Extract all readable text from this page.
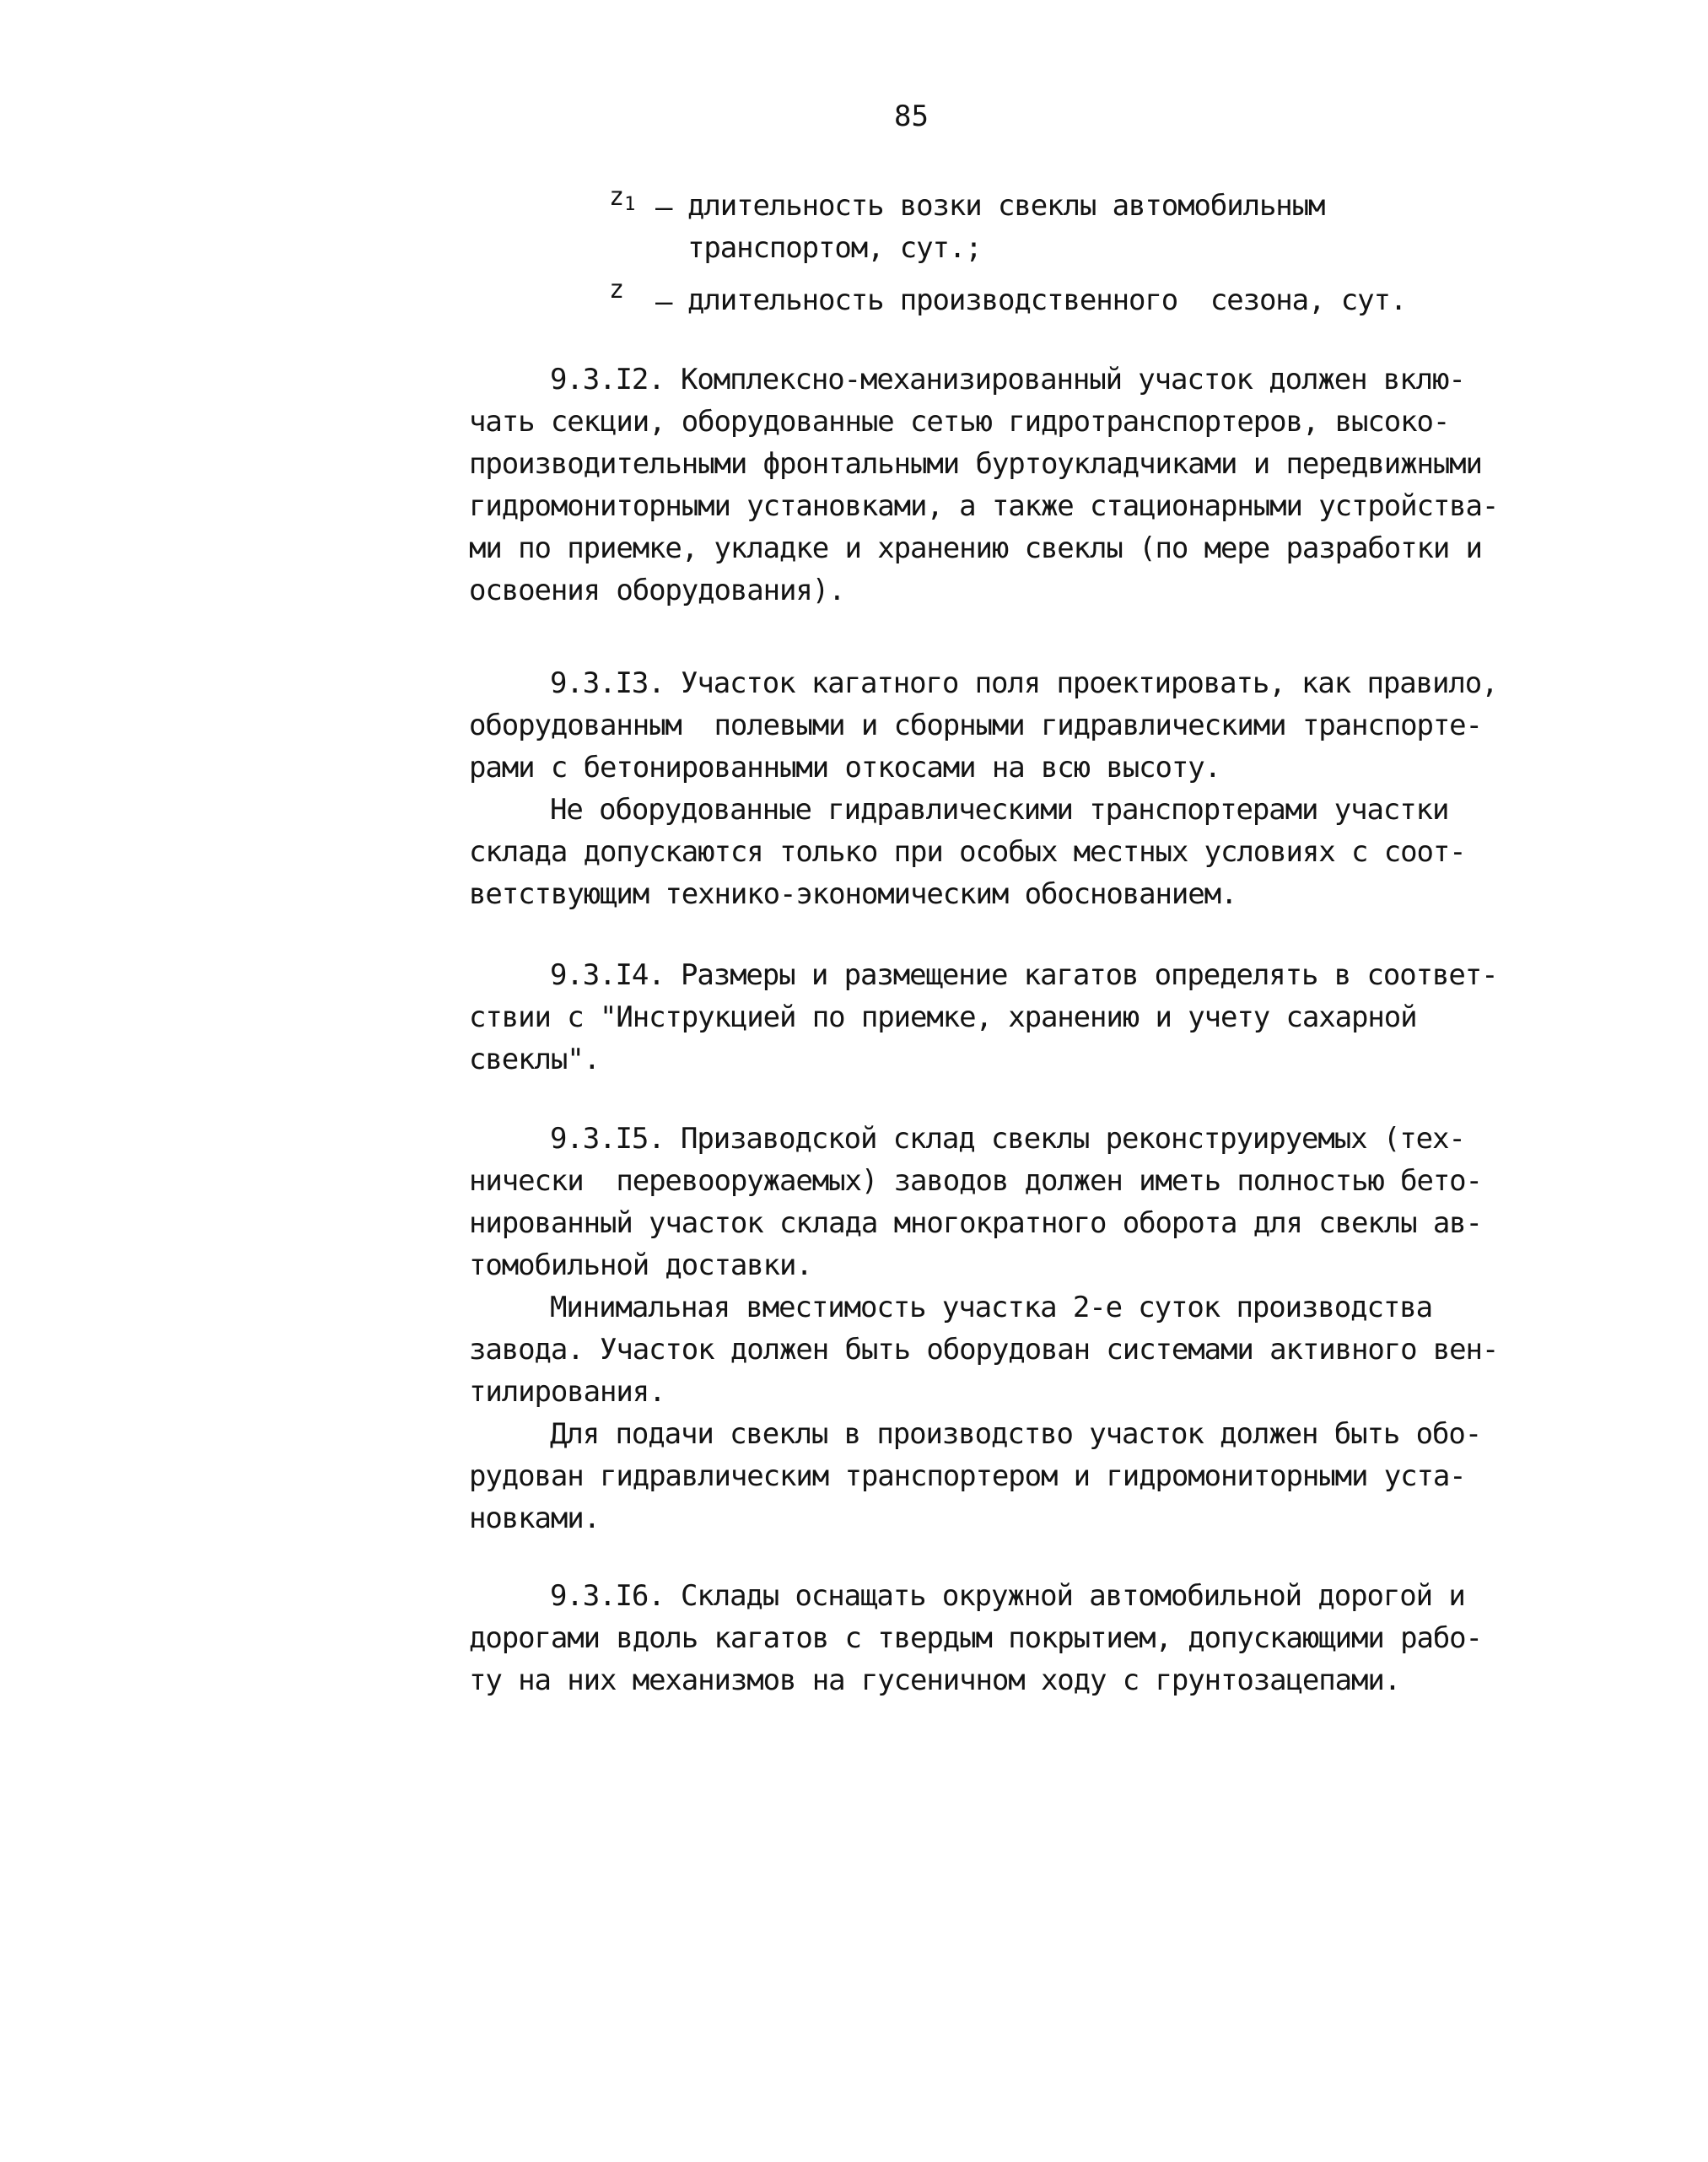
85
$z_1$ – длительность возки свеклы автомобильным
транспортом, сут.;
z – длительность производственного  сезона, сут.
9.3.I2. Комплексно-механизированный участок должен вклю-
чать секции, оборудованные сетью гидротранспортеров, высоко-
производительными фронтальными буртоукладчиками и передвижными
гидромониторными установками, а также стационарными устройства-
ми по приемке, укладке и хранению свеклы (по мере разработки и
освоения оборудования).
9.3.I3. Участок кагатного поля проектировать, как правило,
оборудованным  полевыми и сборными гидравлическими транспорте-
рами с бетонированными откосами на всю высоту.
Не оборудованные гидравлическими транспортерами участки
склада допускаются только при особых местных условиях с соот-
ветствующим технико-экономическим обоснованием.
9.3.I4. Размеры и размещение кагатов определять в соответ-
ствии с "Инструкцией по приемке, хранению и учету сахарной
свеклы".
9.3.I5. Призаводской склад свеклы реконструируемых (тех-
нически  перевооружаемых) заводов должен иметь полностью бето-
нированный участок склада многократного оборота для свеклы ав-
томобильной доставки.
Минимальная вместимость участка 2-е суток производства
завода. Участок должен быть оборудован системами активного вен-
тилирования.
Для подачи свеклы в производство участок должен быть обо-
рудован гидравлическим транспортером и гидромониторными уста-
новками.
9.3.I6. Склады оснащать окружной автомобильной дорогой и
дорогами вдоль кагатов с твердым покрытием, допускающими рабо-
ту на них механизмов на гусеничном ходу с грунтозацепами.
